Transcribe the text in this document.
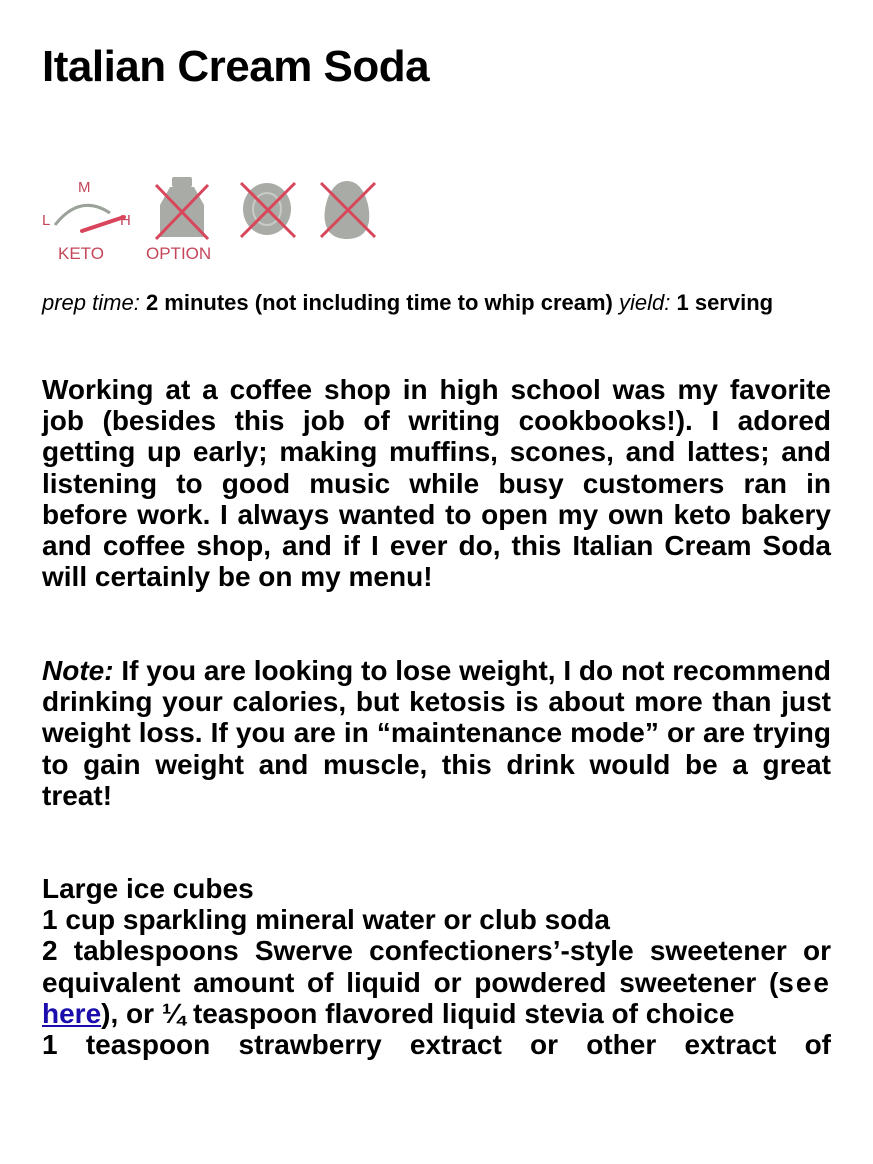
Italian Cream Soda
M
L	H
KETO OPTION
prep time: 2 minutes (not including time to whip cream) yield: 1 serving
Working at a coffee shop in high school was my favorite job (besides this job of writing cookbooks!). I adored getting up early; making muffins, scones, and lattes; and listening to good music while busy customers ran in before work. I always wanted to open my own keto bakery and coffee shop, and if I ever do, this Italian Cream Soda will certainly be on my menu!
Note: If you are looking to lose weight, I do not recommend drinking your calories, but ketosis is about more than just weight loss. If you are in “maintenance mode” or are trying to gain weight and muscle, this drink would be a great treat!
Large ice cubes
1 cup sparkling mineral water or club soda
2 tablespoons Swerve confectioners’-style sweetener or equivalent amount of liquid or powdered sweetener (see here), or ¼ teaspoon flavored liquid stevia of choice
1 teaspoon strawberry extract or other extract of
